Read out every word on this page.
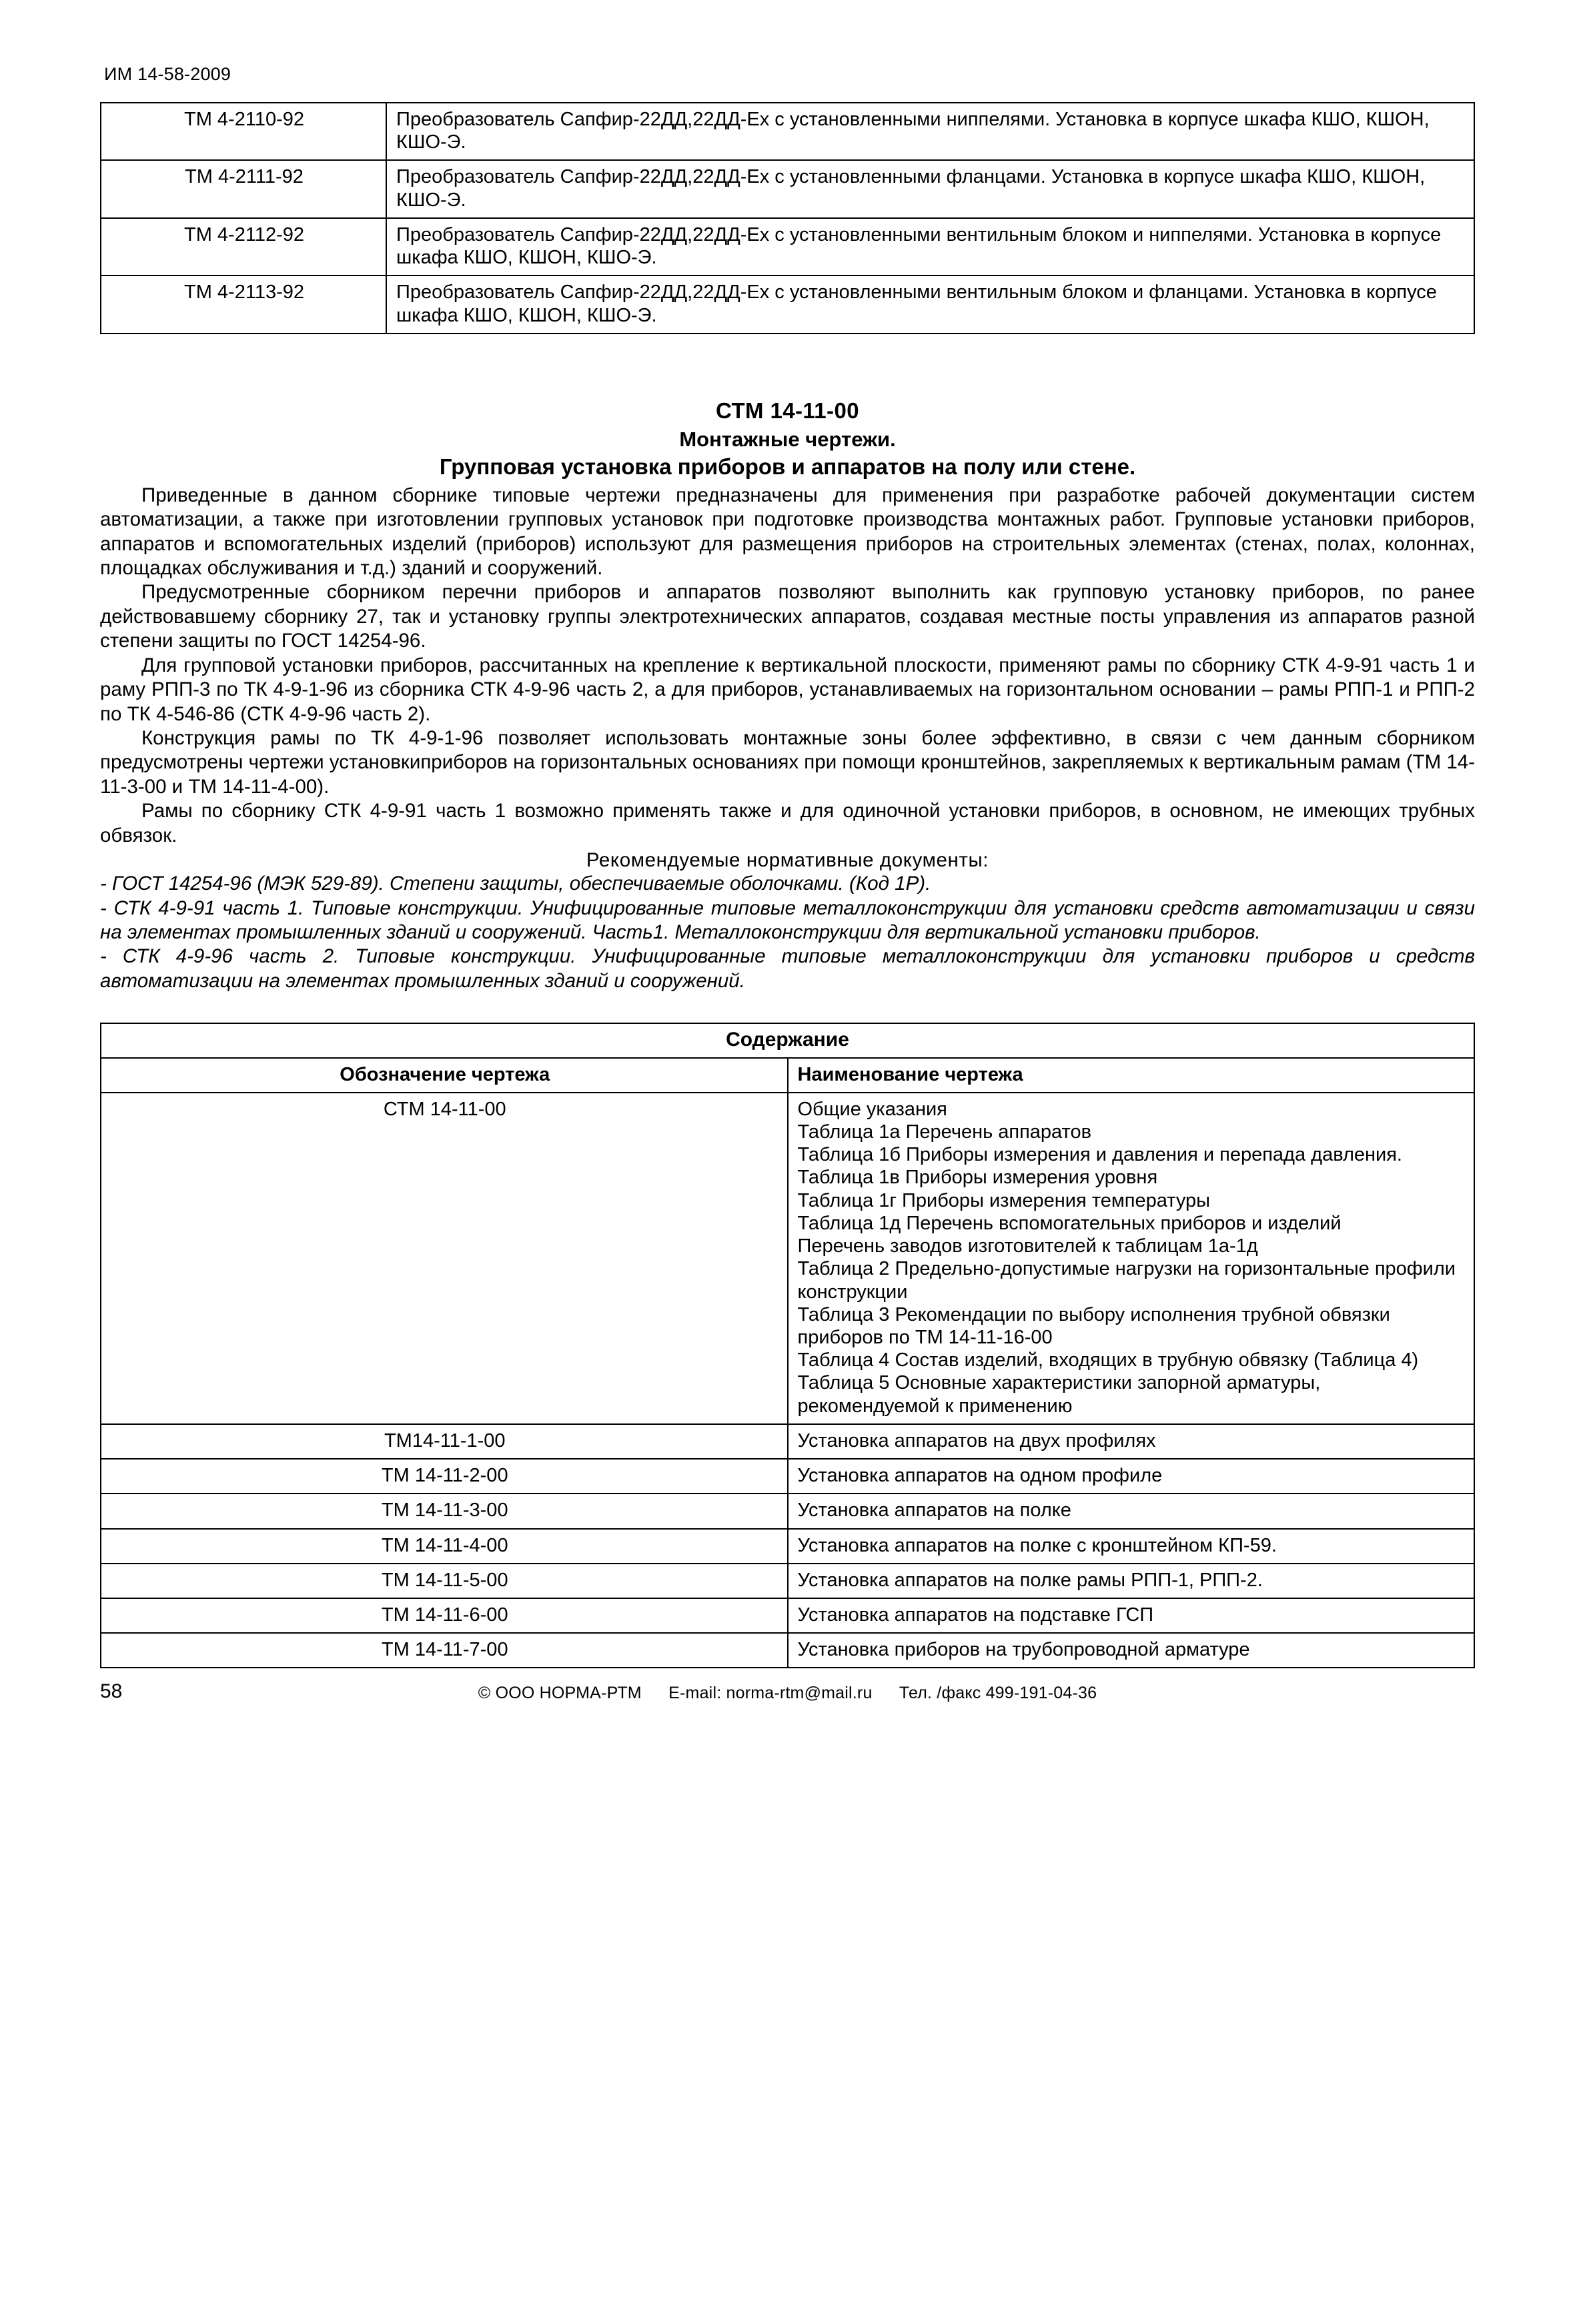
ИМ 14-58-2009
ТМ 4-2110-92	Преобразователь Сапфир-22ДД,22ДД-Ех с установленными ниппелями. Установка в корпусе шкафа КШО, КШОН, КШО-Э.
ТМ 4-2111-92	Преобразователь Сапфир-22ДД,22ДД-Ех с установленными фланцами. Установка в корпусе шкафа КШО, КШОН, КШО-Э.
ТМ 4-2112-92	Преобразователь Сапфир-22ДД,22ДД-Ех с установленными вентильным блоком и ниппелями. Установка в корпусе шкафа КШО, КШОН, КШО-Э.
ТМ 4-2113-92	Преобразователь Сапфир-22ДД,22ДД-Ех с установленными вентильным блоком и фланцами. Установка в корпусе шкафа КШО, КШОН, КШО-Э.
СТМ 14-11-00
Монтажные чертежи.
Групповая установка приборов и аппаратов на полу или стене.

Приведенные в данном сборнике типовые чертежи предназначены для применения при разработке рабочей документации систем автоматизации, а также при изготовлении групповых установок при подготовке производства монтажных работ. Групповые установки приборов, аппаратов и вспомогательных изделий (приборов) используют для размещения приборов на строительных элементах (стенах, полах, колоннах, площадках обслуживания и т.д.) зданий и сооружений.

Предусмотренные сборником перечни приборов и аппаратов позволяют выполнить как групповую установку приборов, по ранее действовавшему сборнику 27, так и установку группы электротехнических аппаратов, создавая местные посты управления из аппаратов разной степени защиты по ГОСТ 14254-96.

Для групповой установки приборов, рассчитанных на крепление к вертикальной плоскости, применяют рамы по сборнику СТК 4-9-91 часть 1 и раму РПП-3 по ТК 4-9-1-96 из сборника СТК 4-9-96 часть 2, а для приборов, устанавливаемых на горизонтальном основании – рамы РПП-1 и РПП-2 по ТК 4-546-86 (СТК 4-9-96 часть 2).

Конструкция рамы по ТК 4-9-1-96 позволяет использовать монтажные зоны более эффективно, в связи с чем данным сборником предусмотрены чертежи установкиприборов на горизонтальных основаниях при помощи кронштейнов, закрепляемых к вертикальным рамам (ТМ 14-11-3-00 и ТМ 14-11-4-00).

Рамы по сборнику СТК 4-9-91 часть 1 возможно применять также и для одиночной установки приборов, в основном, не имеющих трубных обвязок.

Рекомендуемые нормативные документы:

- ГОСТ 14254-96 (МЭК 529-89). Степени защиты, обеспечиваемые оболочками. (Код 1Р).

- СТК 4-9-91 часть 1. Типовые конструкции. Унифицированные типовые металлоконструкции для установки средств автоматизации и связи на элементах промышленных зданий и сооружений. Часть1. Металлоконструкции для вертикальной установки приборов.

- СТК 4-9-96 часть 2. Типовые конструкции. Унифицированные типовые металлоконструкции для установки приборов и средств автоматизации на элементах промышленных зданий и сооружений.

Содержание	
Обозначение чертежа	Наименование чертежа
СТМ 14-11-00	Общие указания
Таблица 1а Перечень аппаратов
Таблица 1б Приборы измерения и давления и перепада давления.
Таблица 1в Приборы измерения уровня
Таблица 1г Приборы измерения температуры
Таблица 1д Перечень вспомогательных приборов и изделий
Перечень заводов изготовителей к таблицам 1а-1д
Таблица 2 Предельно-допустимые нагрузки на горизонтальные профили конструкции
Таблица 3 Рекомендации по выбору исполнения трубной обвязки приборов по ТМ 14-11-16-00
Таблица 4 Состав изделий, входящих в трубную обвязку (Таблица 4)
Таблица 5 Основные характеристики запорной арматуры, рекомендуемой к применению

ТМ14-11-1-00	Установка аппаратов на двух профилях
ТМ 14-11-2-00	Установка аппаратов на одном профиле
ТМ 14-11-3-00	Установка аппаратов на полке
ТМ 14-11-4-00	Установка аппаратов на полке с кронштейном КП-59.
ТМ 14-11-5-00	Установка аппаратов на полке рамы РПП-1, РПП-2.
ТМ 14-11-6-00	Установка аппаратов на подставке ГСП
ТМ 14-11-7-00	Установка приборов на трубопроводной арматуре
58	© ООО НОРМА-РТМ E-mail: norma-rtm@mail.ru Тел. /факс 499-191-04-36
